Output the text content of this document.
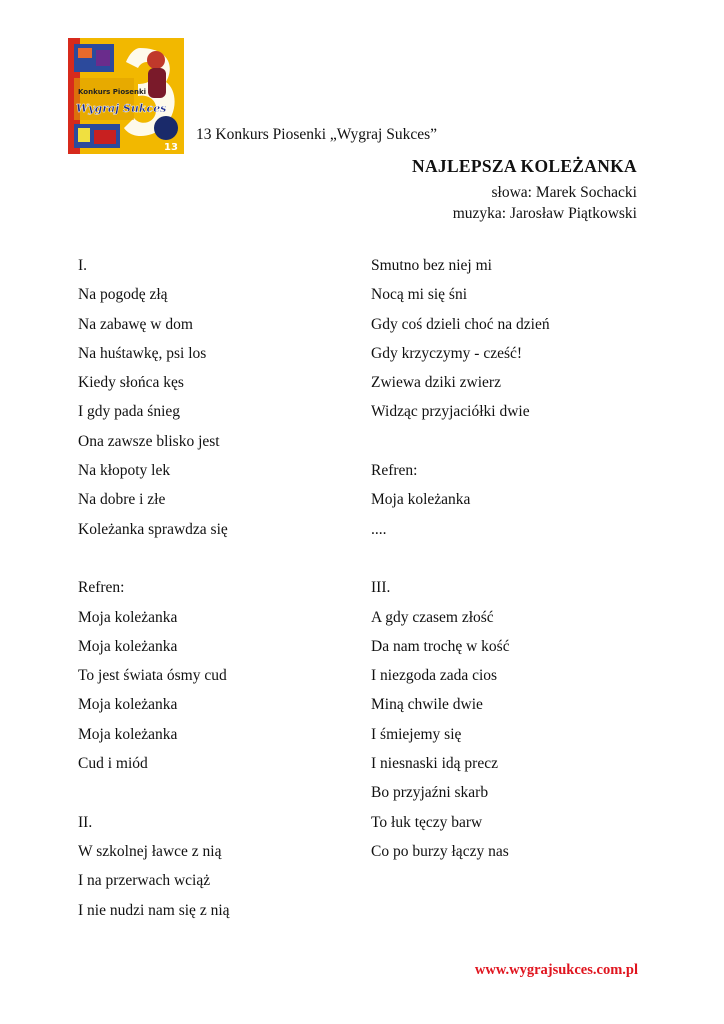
Konkurs Piosenki
Wygraj Sukces
13
13 Konkurs Piosenki „Wygraj Sukces”
NAJLEPSZA KOLEŻANKA
słowa: Marek Sochacki
muzyka: Jarosław Piątkowski
I.
Na pogodę złą
Na zabawę w dom
Na huśtawkę, psi los
Kiedy słońca kęs
I gdy pada śnieg
Ona zawsze blisko jest
Na kłopoty lek
Na dobre i złe
Koleżanka sprawdza się
Refren:
Moja koleżanka
Moja koleżanka
To jest świata ósmy cud
Moja koleżanka
Moja koleżanka
Cud i miód
II.
W szkolnej ławce z nią
I na przerwach wciąż
I nie nudzi nam się z nią
Smutno bez niej mi
Nocą mi się śni
Gdy coś dzieli choć na dzień
Gdy krzyczymy - cześć!
Zwiewa dziki zwierz
Widząc przyjaciółki dwie
Refren:
Moja koleżanka
....
III.
A gdy czasem złość
Da nam trochę w kość
I niezgoda zada cios
Miną chwile dwie
I śmiejemy się
I niesnaski idą precz
Bo przyjaźni skarb
To łuk tęczy barw
Co po burzy łączy nas
www.wygrajsukces.com.pl
